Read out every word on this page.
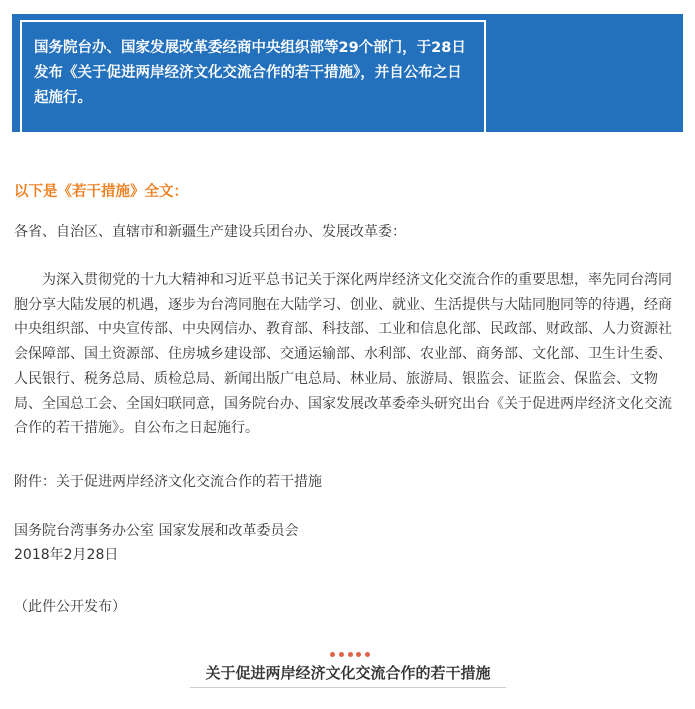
国务院台办、国家发展改革委经商中央组织部等29个部门，于28日发布《关于促进两岸经济文化交流合作的若干措施》，并自公布之日起施行。

以下是《若干措施》全文：

各省、自治区、直辖市和新疆生产建设兵团台办、发展改革委：

为深入贯彻党的十九大精神和习近平总书记关于深化两岸经济文化交流合作的重要思想，率先同台湾同胞分享大陆发展的机遇，逐步为台湾同胞在大陆学习、创业、就业、生活提供与大陆同胞同等的待遇，经商中央组织部、中央宣传部、中央网信办、教育部、科技部、工业和信息化部、民政部、财政部、人力资源社会保障部、国土资源部、住房城乡建设部、交通运输部、水利部、农业部、商务部、文化部、卫生计生委、人民银行、税务总局、质检总局、新闻出版广电总局、林业局、旅游局、银监会、证监会、保监会、文物局、全国总工会、全国妇联同意，国务院台办、国家发展改革委牵头研究出台《关于促进两岸经济文化交流合作的若干措施》。自公布之日起施行。

附件：关于促进两岸经济文化交流合作的若干措施

国务院台湾事务办公室 国家发展和改革委员会

2018年2月28日

（此件公开发布）

关于促进两岸经济文化交流合作的若干措施
